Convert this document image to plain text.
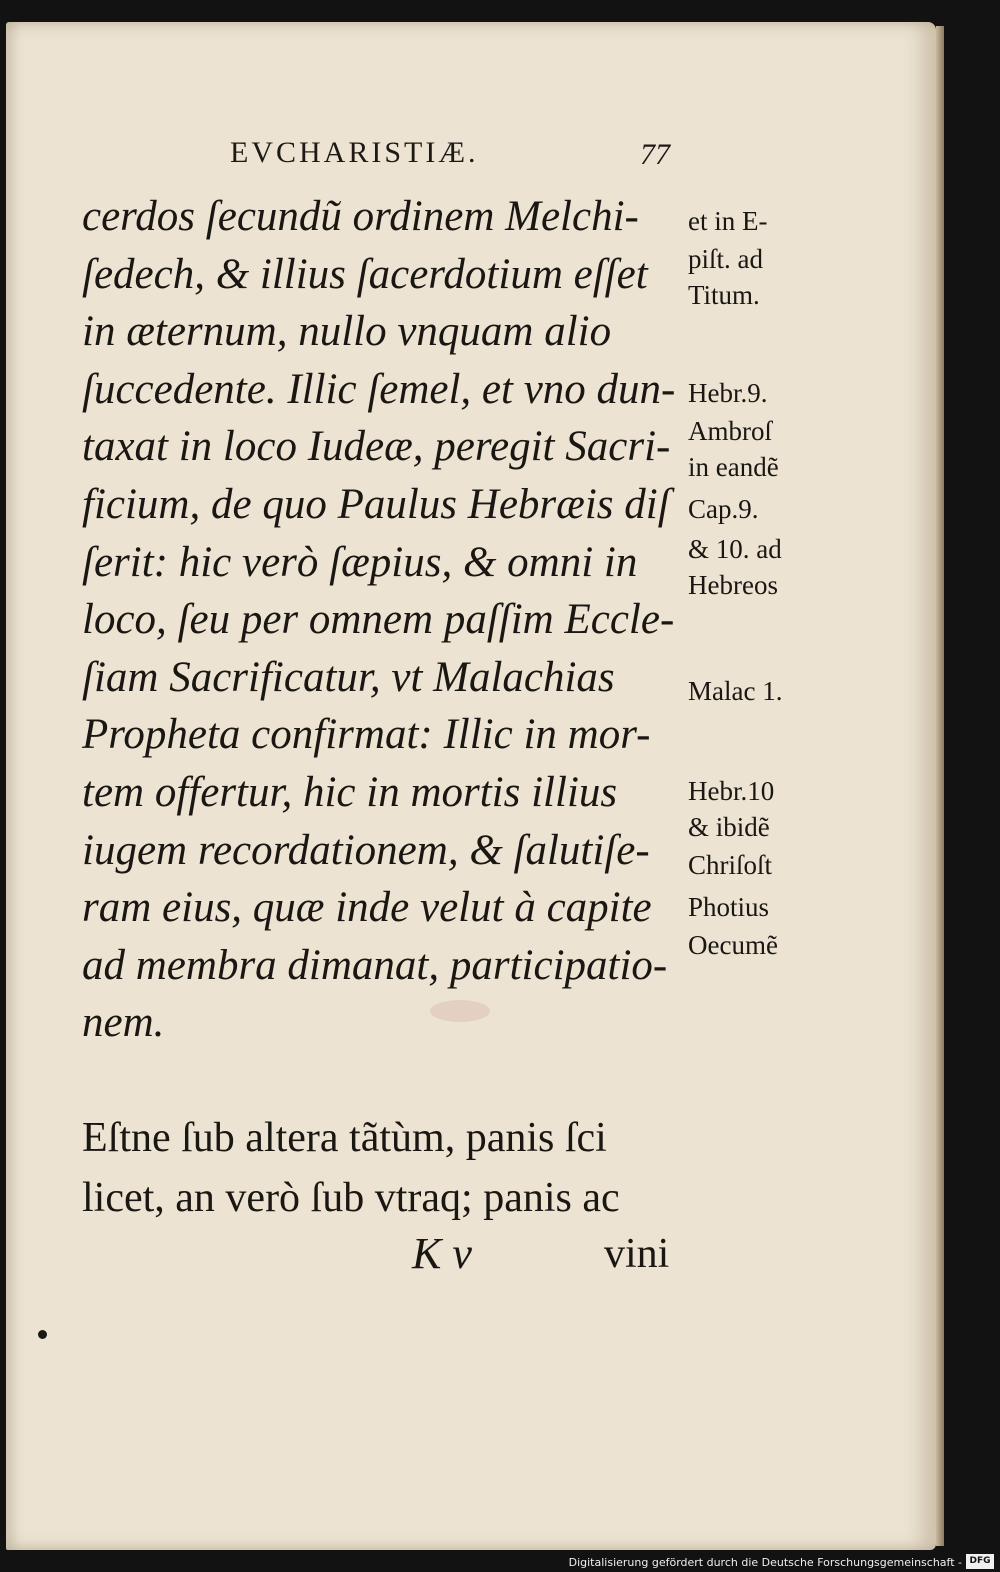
EVCHARISTIÆ.	77
cerdos ſecundũ ordinem Melchi-
ſedech, & illius ſacerdotium eſſet
in æternum, nullo vnquam alio
ſuccedente. Illic ſemel, et vno dun-
taxat in loco Iudeæ, peregit Sacri-
ficium, de quo Paulus Hebræis diſ
ſerit: hic verò ſæpius, & omni in
loco, ſeu per omnem paſſim Eccle-
ſiam Sacrificatur, vt Malachias
Propheta confirmat: Illic in mor-
tem offertur, hic in mortis illius
iugem recordationem, & ſalutiſe-
ram eius, quæ inde velut à capite
ad membra dimanat, participatio-
nem.
et in E-
piſt. ad
Titum.
Hebr.9.
Ambroſ
in eandẽ
Cap.9.
& 10. ad
Hebreos
Malac 1.
Hebr.10
& ibidẽ
Chriſoſt
Photius
Oecumẽ
Eſtne ſub altera tãtùm, panis ſci
licet, an verò ſub vtraq; panis ac
K v	vini
Digitalisierung gefördert durch die Deutsche Forschungsgemeinschaft - DFG
